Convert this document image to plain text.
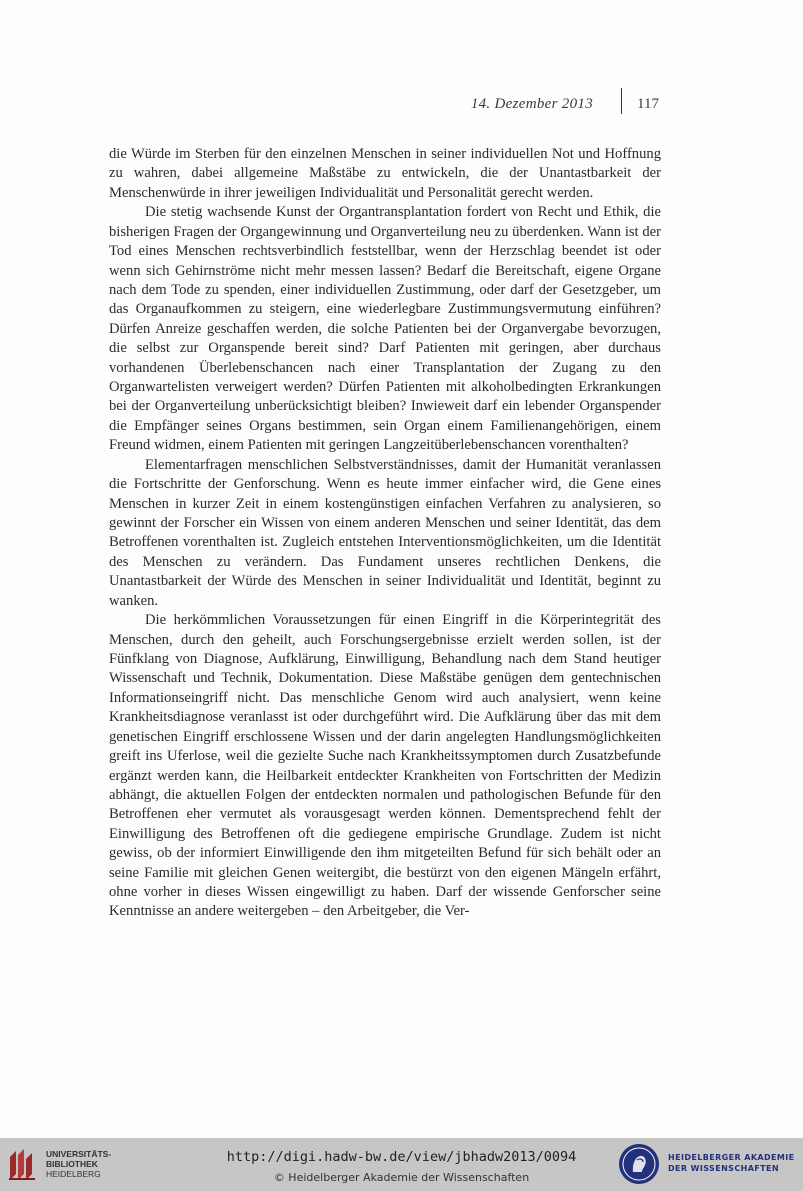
14. Dezember 2013	117

die Würde im Sterben für den einzelnen Menschen in seiner individuellen Not und Hoffnung zu wahren, dabei allgemeine Maßstäbe zu entwickeln, die der Unantastbarkeit der Menschenwürde in ihrer jeweiligen Individualität und Personalität gerecht werden.

Die stetig wachsende Kunst der Organtransplantation fordert von Recht und Ethik, die bisherigen Fragen der Organgewinnung und Organverteilung neu zu überdenken. Wann ist der Tod eines Menschen rechtsverbindlich feststellbar, wenn der Herzschlag beendet ist oder wenn sich Gehirnströme nicht mehr messen lassen? Bedarf die Bereitschaft, eigene Organe nach dem Tode zu spenden, einer individuellen Zustimmung, oder darf der Gesetzgeber, um das Organaufkommen zu steigern, eine wiederlegbare Zustimmungsvermutung einführen? Dürfen Anreize geschaffen werden, die solche Patienten bei der Organvergabe bevorzugen, die selbst zur Organspende bereit sind? Darf Patienten mit geringen, aber durchaus vorhandenen Überlebenschancen nach einer Transplantation der Zugang zu den Organwartelisten verweigert werden? Dürfen Patienten mit alkoholbedingten Erkrankungen bei der Organverteilung unberücksichtigt bleiben? Inwieweit darf ein lebender Organspender die Empfänger seines Organs bestimmen, sein Organ einem Familienangehörigen, einem Freund widmen, einem Patienten mit geringen Langzeitüberlebenschancen vorenthalten?

Elementarfragen menschlichen Selbstverständnisses, damit der Humanität veranlassen die Fortschritte der Genforschung. Wenn es heute immer einfacher wird, die Gene eines Menschen in kurzer Zeit in einem kostengünstigen einfachen Verfahren zu analysieren, so gewinnt der Forscher ein Wissen von einem anderen Menschen und seiner Identität, das dem Betroffenen vorenthalten ist. Zugleich entstehen Interventionsmöglichkeiten, um die Identität des Menschen zu verändern. Das Fundament unseres rechtlichen Denkens, die Unantastbarkeit der Würde des Menschen in seiner Individualität und Identität, beginnt zu wanken.

Die herkömmlichen Voraussetzungen für einen Eingriff in die Körperintegrität des Menschen, durch den geheilt, auch Forschungsergebnisse erzielt werden sollen, ist der Fünfklang von Diagnose, Aufklärung, Einwilligung, Behandlung nach dem Stand heutiger Wissenschaft und Technik, Dokumentation. Diese Maßstäbe genügen dem gentechnischen Informationseingriff nicht. Das menschliche Genom wird auch analysiert, wenn keine Krankheitsdiagnose veranlasst ist oder durchgeführt wird. Die Aufklärung über das mit dem genetischen Eingriff erschlossene Wissen und der darin angelegten Handlungsmöglichkeiten greift ins Uferlose, weil die gezielte Suche nach Krankheitssymptomen durch Zusatzbefunde ergänzt werden kann, die Heilbarkeit entdeckter Krankheiten von Fortschritten der Medizin abhängt, die aktuellen Folgen der entdeckten normalen und pathologischen Befunde für den Betroffenen eher vermutet als vorausgesagt werden können. Dementsprechend fehlt der Einwilligung des Betroffenen oft die gediegene empirische Grundlage. Zudem ist nicht gewiss, ob der informiert Einwilligende den ihm mitgeteilten Befund für sich behält oder an seine Familie mit gleichen Genen weitergibt, die bestürzt von den eigenen Mängeln erfährt, ohne vorher in dieses Wissen eingewilligt zu haben. Darf der wissende Genforscher seine Kenntnisse an andere weitergeben – den Arbeitgeber, die Ver-

UNIVERSITÄTS-
BIBLIOTHEK
HEIDELBERG
http://digi.hadw-bw.de/view/jbhadw2013/0094
© Heidelberger Akademie der Wissenschaften
HEIDELBERGER AKADEMIE
DER WISSENSCHAFTEN
